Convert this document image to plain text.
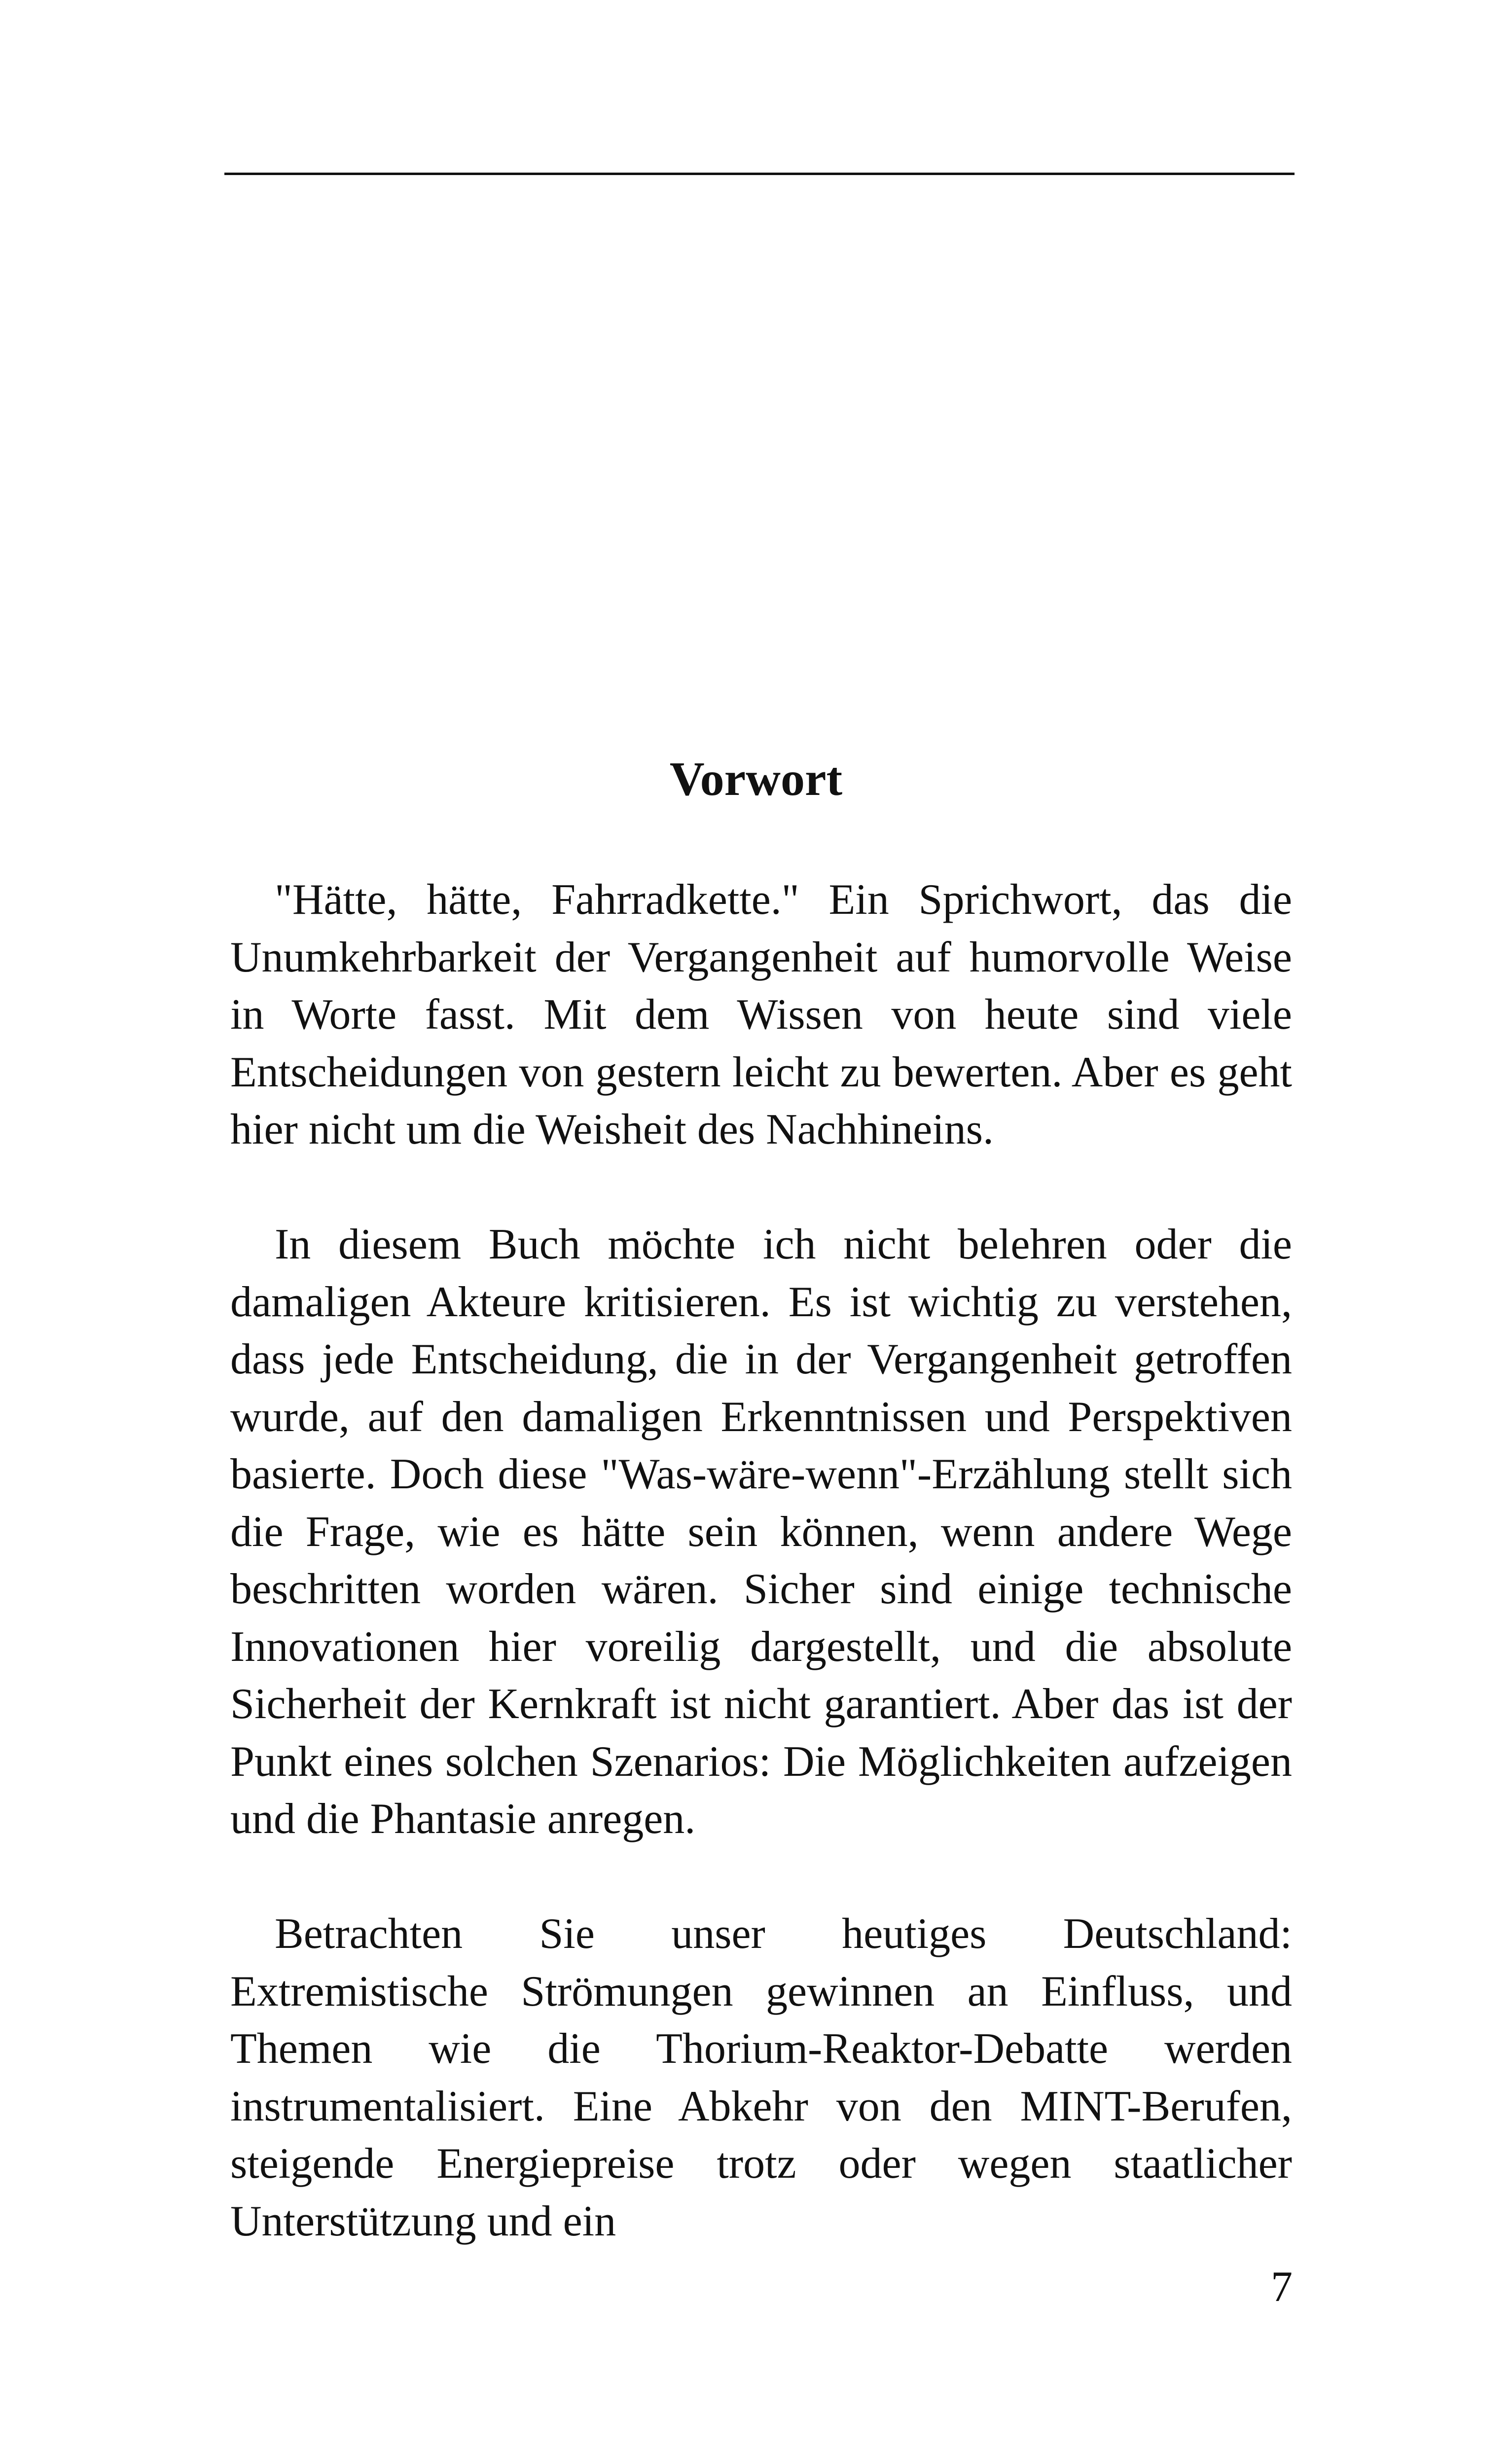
Vorwort

"Hätte, hätte, Fahrradkette." Ein Sprichwort, das die Unumkehrbarkeit der Vergangenheit auf humorvolle Weise in Worte fasst. Mit dem Wissen von heute sind viele Entscheidungen von gestern leicht zu bewerten. Aber es geht hier nicht um die Weisheit des Nachhineins.

In diesem Buch möchte ich nicht belehren oder die damaligen Akteure kritisieren. Es ist wichtig zu verstehen, dass jede Entscheidung, die in der Vergangenheit getroffen wurde, auf den damaligen Erkenntnissen und Perspektiven basierte. Doch diese "Was-wäre-wenn"-Erzählung stellt sich die Frage, wie es hätte sein können, wenn andere Wege beschritten worden wären. Sicher sind einige technische Innovationen hier voreilig dargestellt, und die absolute Sicherheit der Kernkraft ist nicht garantiert. Aber das ist der Punkt eines solchen Szenarios: Die Möglichkeiten aufzeigen und die Phantasie anregen.

Betrachten Sie unser heutiges Deutschland: Extremistische Strömungen gewinnen an Einfluss, und Themen wie die Thorium-Reaktor-Debatte werden instrumentalisiert. Eine Abkehr von den MINT-Berufen, steigende Energiepreise trotz oder wegen staatlicher Unterstützung und ein

7
